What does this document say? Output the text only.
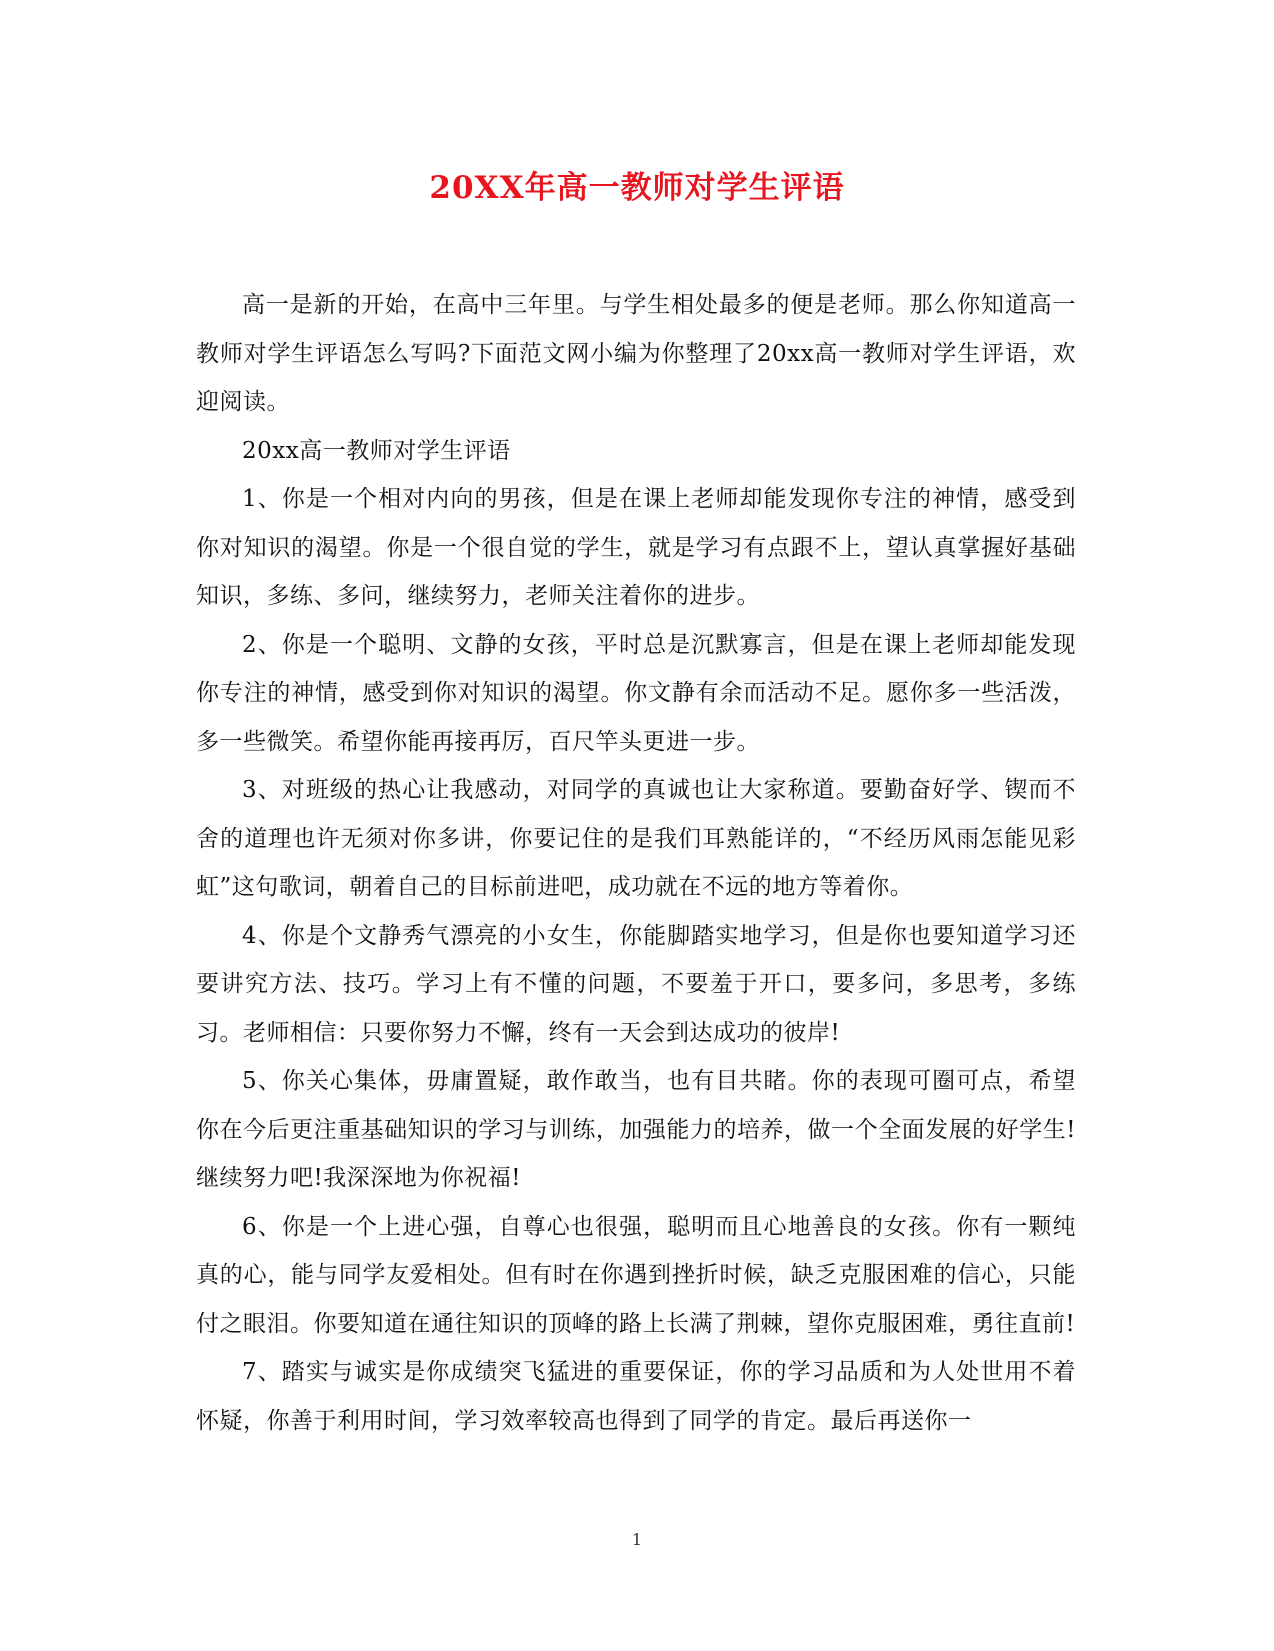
20XX年高一教师对学生评语

高一是新的开始，在高中三年里。与学生相处最多的便是老师。那么你知道高一教师对学生评语怎么写吗?下面范文网小编为你整理了20xx高一教师对学生评语，欢迎阅读。

20xx高一教师对学生评语

1、你是一个相对内向的男孩，但是在课上老师却能发现你专注的神情，感受到你对知识的渴望。你是一个很自觉的学生，就是学习有点跟不上，望认真掌握好基础知识，多练、多问，继续努力，老师关注着你的进步。

2、你是一个聪明、文静的女孩，平时总是沉默寡言，但是在课上老师却能发现你专注的神情，感受到你对知识的渴望。你文静有余而活动不足。愿你多一些活泼，多一些微笑。希望你能再接再厉，百尺竿头更进一步。

3、对班级的热心让我感动，对同学的真诚也让大家称道。要勤奋好学、锲而不舍的道理也许无须对你多讲，你要记住的是我们耳熟能详的，“不经历风雨怎能见彩虹”这句歌词，朝着自己的目标前进吧，成功就在不远的地方等着你。

4、你是个文静秀气漂亮的小女生，你能脚踏实地学习，但是你也要知道学习还要讲究方法、技巧。学习上有不懂的问题，不要羞于开口，要多问，多思考，多练习。老师相信：只要你努力不懈，终有一天会到达成功的彼岸!

5、你关心集体，毋庸置疑，敢作敢当，也有目共睹。你的表现可圈可点，希望你在今后更注重基础知识的学习与训练，加强能力的培养，做一个全面发展的好学生!继续努力吧!我深深地为你祝福!

6、你是一个上进心强，自尊心也很强，聪明而且心地善良的女孩。你有一颗纯真的心，能与同学友爱相处。但有时在你遇到挫折时候，缺乏克服困难的信心，只能付之眼泪。你要知道在通往知识的顶峰的路上长满了荆棘，望你克服困难，勇往直前!

7、踏实与诚实是你成绩突飞猛进的重要保证，你的学习品质和为人处世用不着怀疑，你善于利用时间，学习效率较高也得到了同学的肯定。最后再送你一

1
